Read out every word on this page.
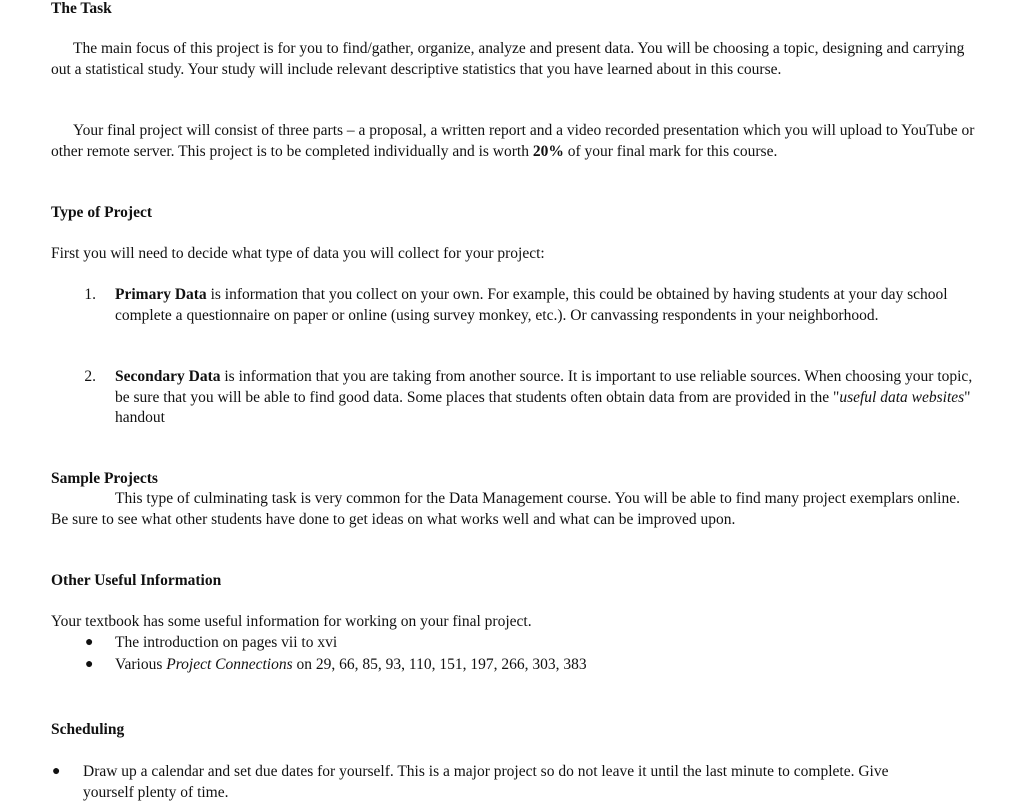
The Task
The main focus of this project is for you to find/gather, organize, analyze and present data. You will be choosing a topic, designing and carrying out a statistical study. Your study will include relevant descriptive statistics that you have learned about in this course.
Your final project will consist of three parts – a proposal, a written report and a video recorded presentation which you will upload to YouTube or other remote server. This project is to be completed individually and is worth 20% of your final mark for this course.
Type of Project
First you will need to decide what type of data you will collect for your project:
1. Primary Data is information that you collect on your own. For example, this could be obtained by having students at your day school complete a questionnaire on paper or online (using survey monkey, etc.). Or canvassing respondents in your neighborhood.
2. Secondary Data is information that you are taking from another source. It is important to use reliable sources. When choosing your topic, be sure that you will be able to find good data. Some places that students often obtain data from are provided in the "useful data websites" handout
Sample Projects
This type of culminating task is very common for the Data Management course. You will be able to find many project exemplars online. Be sure to see what other students have done to get ideas on what works well and what can be improved upon.
Other Useful Information
Your textbook has some useful information for working on your final project.
● The introduction on pages vii to xvi
● Various Project Connections on 29, 66, 85, 93, 110, 151, 197, 266, 303, 383
Scheduling
● Draw up a calendar and set due dates for yourself. This is a major project so do not leave it until the last minute to complete. Give yourself plenty of time.
